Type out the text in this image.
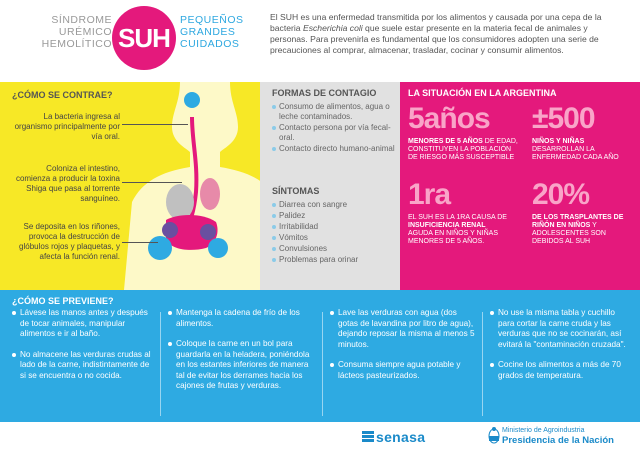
SÍNDROME
URÉMICO
HEMOLÍTICO SUH
PEQUEÑOS
GRANDES
CUIDADOS
El SUH es una enfermedad transmitida por los alimentos y causada por una cepa de la bacteria Escherichia coli que suele estar presente en la materia fecal de animales y personas. Para prevenirla es fundamental que los consumidores adopten una serie de precauciones al comprar, almacenar, trasladar, cocinar y consumir alimentos.
¿CÓMO SE CONTRAE?
La bacteria ingresa al organismo principalmente por vía oral.
Coloniza el intestino, comienza a producir la toxina Shiga que pasa al torrente sanguíneo.
Se deposita en los riñones, provoca la destrucción de glóbulos rojos y plaquetas, y afecta la función renal.
FORMAS DE CONTAGIO
Consumo de alimentos, agua o leche contaminados.
Contacto persona por vía fecal-oral.
Contacto directo humano-animal
SÍNTOMAS
Diarrea con sangre
Palidez
Irritabilidad
Vómitos
Convulsiones
Problemas para orinar
LA SITUACIÓN EN LA ARGENTINA
5años
MENORES DE 5 AÑOS DE EDAD, CONSTITUYEN LA POBLACIÓN DE RIESGO MÁS SUSCEPTIBLE
±500
NIÑOS Y NIÑAS DESARROLLAN LA ENFERMEDAD CADA AÑO
1ra
EL SUH ES LA 1RA CAUSA DE INSUFICIENCIA RENAL AGUDA EN NIÑOS Y NIÑAS MENORES DE 5 AÑOS.
20%
DE LOS TRASPLANTES DE RIÑÓN EN NIÑOS Y ADOLESCENTES SON DEBIDOS AL SUH
¿CÓMO SE PREVIENE?

Lávese las manos antes y después de tocar animales, manipular alimentos e ir al baño.

No almacene las verduras crudas al lado de la carne, indistintamente de si se encuentra o no cocida.

Mantenga la cadena de frío de los alimentos.

Coloque la carne en un bol para guardarla en la heladera, poniéndola en los estantes inferiores de manera tal de evitar los derrames hacia los cajones de frutas y verduras.

Lave las verduras con agua (dos gotas de lavandina por litro de agua), dejando reposar la misma al menos 5 minutos.

Consuma siempre agua potable y lácteos pasteurizados.

No use la misma tabla y cuchillo para cortar la carne cruda y las verduras que no se cocinarán, así evitará la "contaminación cruzada".

Cocine los alimentos a más de 70 grados de temperatura.

senasa	Ministerio de Agroindustria
Presidencia de la Nación
